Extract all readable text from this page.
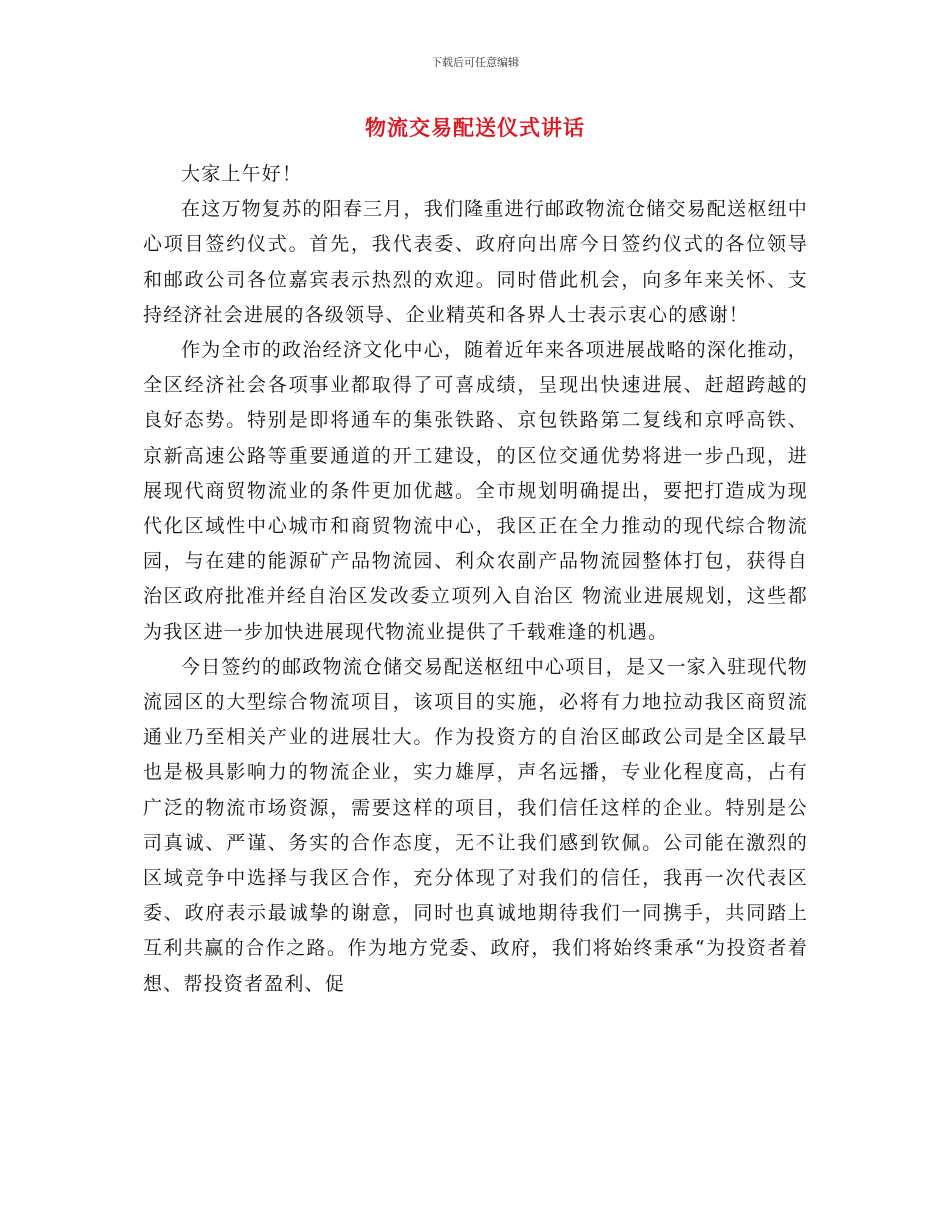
下载后可任意编辑
物流交易配送仪式讲话

大家上午好！

在这万物复苏的阳春三月，我们隆重进行邮政物流仓储交易配送枢纽中心项目签约仪式。首先，我代表委、政府向出席今日签约仪式的各位领导和邮政公司各位嘉宾表示热烈的欢迎。同时借此机会，向多年来关怀、支持经济社会进展的各级领导、企业精英和各界人士表示衷心的感谢！

作为全市的政治经济文化中心，随着近年来各项进展战略的深化推动，全区经济社会各项事业都取得了可喜成绩，呈现出快速进展、赶超跨越的良好态势。特别是即将通车的集张铁路、京包铁路第二复线和京呼高铁、京新高速公路等重要通道的开工建设，的区位交通优势将进一步凸现，进展现代商贸物流业的条件更加优越。全市规划明确提出，要把打造成为现代化区域性中心城市和商贸物流中心，我区正在全力推动的现代综合物流园，与在建的能源矿产品物流园、利众农副产品物流园整体打包，获得自治区政府批准并经自治区发改委立项列入自治区 物流业进展规划，这些都为我区进一步加快进展现代物流业提供了千载难逢的机遇。

今日签约的邮政物流仓储交易配送枢纽中心项目，是又一家入驻现代物流园区的大型综合物流项目，该项目的实施，必将有力地拉动我区商贸流通业乃至相关产业的进展壮大。作为投资方的自治区邮政公司是全区最早也是极具影响力的物流企业，实力雄厚，声名远播，专业化程度高，占有广泛的物流市场资源，需要这样的项目，我们信任这样的企业。特别是公司真诚、严谨、务实的合作态度，无不让我们感到钦佩。公司能在激烈的区域竞争中选择与我区合作，充分体现了对我们的信任，我再一次代表区委、政府表示最诚挚的谢意，同时也真诚地期待我们一同携手，共同踏上互利共赢的合作之路。作为地方党委、政府，我们将始终秉承“为投资者着想、帮投资者盈利、促
